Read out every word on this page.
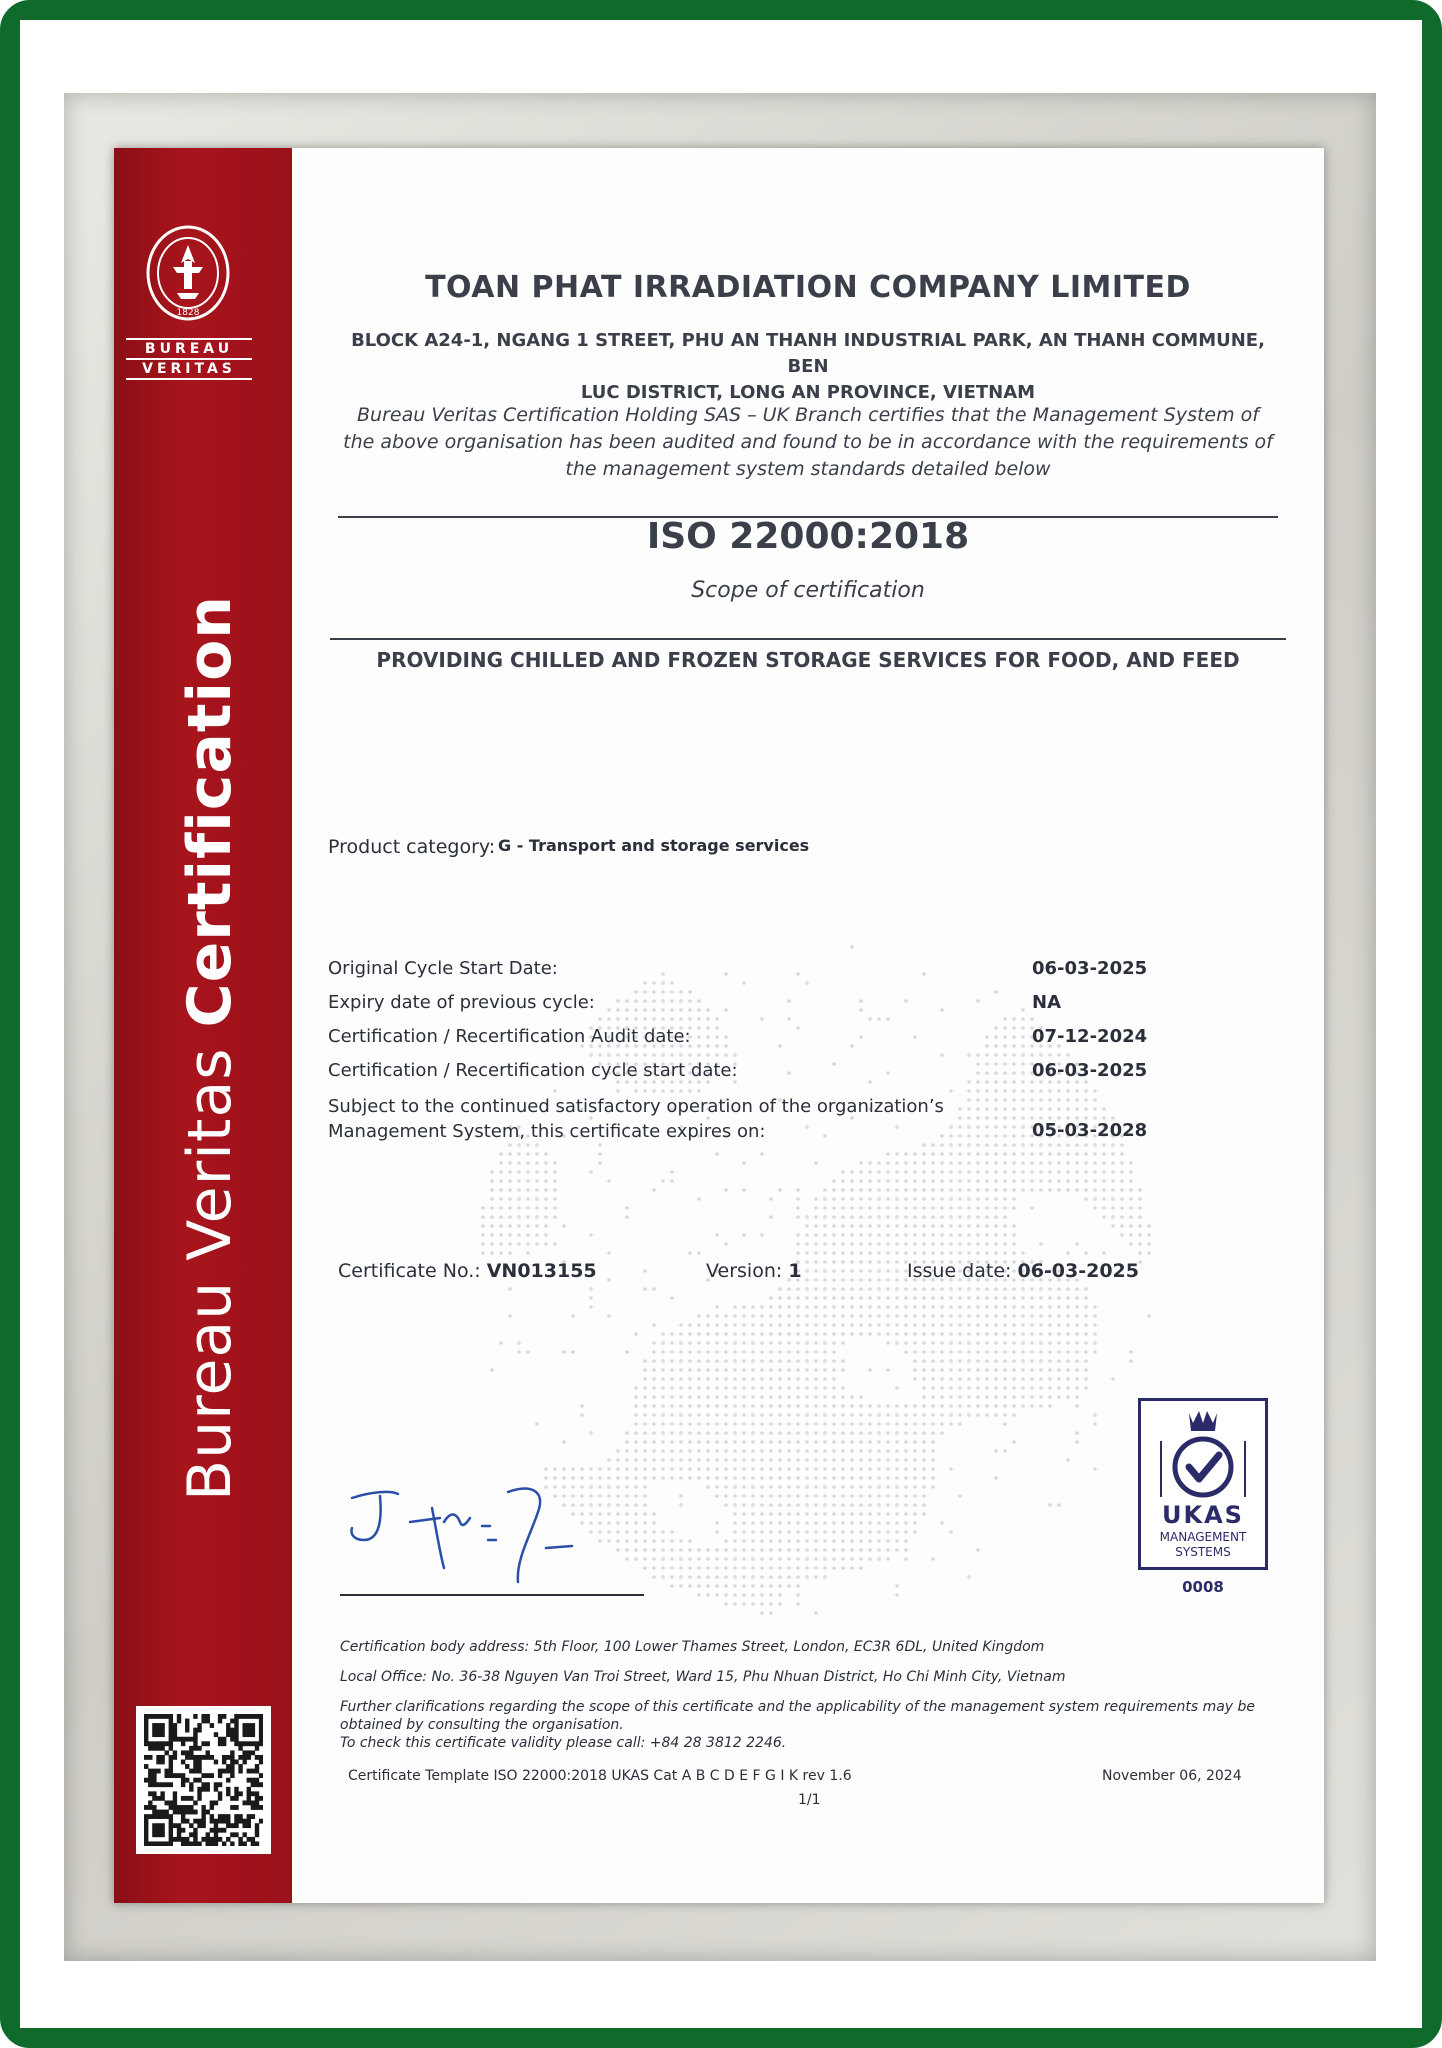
1828
BUREAU
VERITAS
Bureau Veritas Certification
TOAN PHAT IRRADIATION COMPANY LIMITED
BLOCK A24-1, NGANG 1 STREET, PHU AN THANH INDUSTRIAL PARK, AN THANH COMMUNE, BEN
LUC DISTRICT, LONG AN PROVINCE, VIETNAM
Bureau Veritas Certification Holding SAS – UK Branch certifies that the Management System of
the above organisation has been audited and found to be in accordance with the requirements of
the management system standards detailed below
ISO 22000:2018
Scope of certification
PROVIDING CHILLED AND FROZEN STORAGE SERVICES FOR FOOD, AND FEED
Product category: G - Transport and storage services
Original Cycle Start Date:	06-03-2025
Expiry date of previous cycle:	NA
Certification / Recertification Audit date:	07-12-2024
Certification / Recertification cycle start date:	06-03-2025
Subject to the continued satisfactory operation of the organization’s
Management System, this certificate expires on:	05-03-2028
Certificate No.: VN013155	Version: 1	Issue date: 06-03-2025
UKAS
MANAGEMENT
SYSTEMS
0008
Certification body address: 5th Floor, 100 Lower Thames Street, London, EC3R 6DL, United Kingdom
Local Office: No. 36-38 Nguyen Van Troi Street, Ward 15, Phu Nhuan District, Ho Chi Minh City, Vietnam
Further clarifications regarding the scope of this certificate and the applicability of the management system requirements may be
obtained by consulting the organisation.
To check this certificate validity please call: +84 28 3812 2246.
Certificate Template ISO 22000:2018 UKAS Cat A B C D E F G I K rev 1.6	November 06, 2024
1/1
